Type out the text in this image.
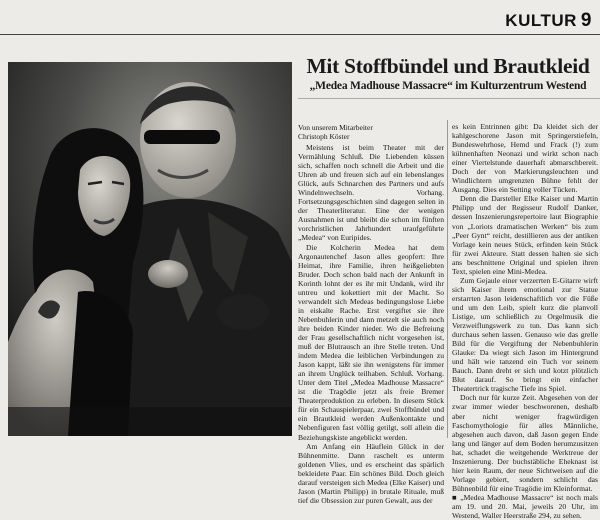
KULTUR 9
Mit Stoffbündel und Brautkleid
„Medea Madhouse Massacre“ im Kulturzentrum Westend
Von unserem Mitarbeiter
Christoph Köster

Meistens ist beim Theater mit der Vermählung Schluß. Die Liebenden küssen sich, schaffen noch schnell die Arbeit und die Uhren ab und freuen sich auf ein lebenslanges Glück, aufs Schnarchen des Partners und aufs Windelnwechseln. Vorhang. Fortsetzungsgeschichten sind dagegen selten in der Theaterliteratur. Eine der wenigen Ausnahmen ist und bleibt die schon im fünften vorchristlichen Jahrhundert uraufgeführte „Medea“ von Euripides.

Die Kolcherin Medea hat dem Argonautenchef Jason alles geopfert: Ihre Heimat, ihre Familie, ihren heißgeliebten Bruder. Doch schon bald nach der Ankunft in Korinth lohnt der es ihr mit Undank, wird ihr untreu und kokettiert mit der Macht. So verwandelt sich Medeas bedingungslose Liebe in eiskalte Rache. Erst vergiftet sie ihre Nebenbuhlerin und dann metzelt sie auch noch ihre beiden Kinder nieder. Wo die Befreiung der Frau gesellschaftlich nicht vorgesehen ist, muß der Blutrausch an ihre Stelle treten. Und indem Medea die leiblichen Verbindungen zu Jason kappt, läßt sie ihn wenigstens für immer an ihrem Unglück teilhaben. Schluß. Vorhang. Unter dem Titel „Medea Madhouse Massacre“ ist die Tragödie jetzt als freie Bremer Theaterproduktion zu erleben. In diesem Stück für ein Schauspielerpaar, zwei Stoffbündel und ein Brautkleid werden Außenkontakte und Nebenfiguren fast völlig getilgt, soll allein die Beziehungskiste angeblickt werden.

Am Anfang ein Häuflein Glück in der Bühnenmitte. Dann raschelt es unterm goldenen Vlies, und es erscheint das spärlich bekleidete Paar. Ein schönes Bild. Doch gleich darauf versteigen sich Medea (Elke Kaiser) und Jason (Martin Philipp) in brutale Rituale, muß tief die Obsession zur puren Gewalt, aus der

es kein Entrinnen gibt: Da kleidet sich der kahlgeschorene Jason mit Springerstiefeln, Bundeswehrhose, Hemd und Frack (!) zum kühnenhaften Neonazi und wirkt schon nach einer Viertelstunde dauerhaft abmarschbereit. Doch der von Markierungsleuchten und Windlichtern umgrenzten Bühne fehlt der Ausgang. Dies ein Setting voller Tücken.

Denn die Darsteller Elke Kaiser und Martin Philipp und der Regisseur Rudolf Danker, dessen Inszenierungsrepertoire laut Biographie von „Loriots dramatischen Werken“ bis zum „Peer Gynt“ reicht, destillieren aus der antiken Vorlage kein neues Stück, erfinden kein Stück für zwei Akteure. Statt dessen halten sie sich ans beschnittene Original und spielen ihren Text, spielen eine Mini-Medea.

Zum Gejaule einer verzerrten E-Gitarre wirft sich Kaiser ihrem emotional zur Statue erstarrten Jason leidenschaftlich vor die Füße und um den Leib, spielt kurz die planvoll Listige, um schließlich zu Orgelmusik die Verzweiflungswerk zu tun. Das kann sich durchaus sehen lassen. Genauso wie das grelle Bild für die Vergiftung der Nebenbuhlerin Glauke: Da wiegt sich Jason im Hintergrund und hält wie tanzend ein Tuch vor seinem Bauch. Dann dreht er sich und kotzt plötzlich Blut darauf. So bringt ein einfacher Theatertrick tragische Tiefe ins Spiel.

Doch nur für kurze Zeit. Abgesehen von der zwar immer wieder beschworenen, deshalb aber nicht weniger fragwürdigen Faschomythologie für alles Männliche, abgesehen auch davon, daß Jason gegen Ende lang und länger auf dem Boden herumzusitzen hat, schadet die weitgehende Werktreue der Inszenierung. Der buchstäbliche Eheknast ist hier kein Raum, der neue Sichtweisen auf die Vorlage gebiert, sondern schlicht das Bühnenbild für eine Tragödie im Kleinformat.

■ „Medea Madhouse Massacre“ ist noch mals am 19. und 20. Mai, jeweils 20 Uhr, im Westend, Waller Heerstraße 294, zu sehen.
